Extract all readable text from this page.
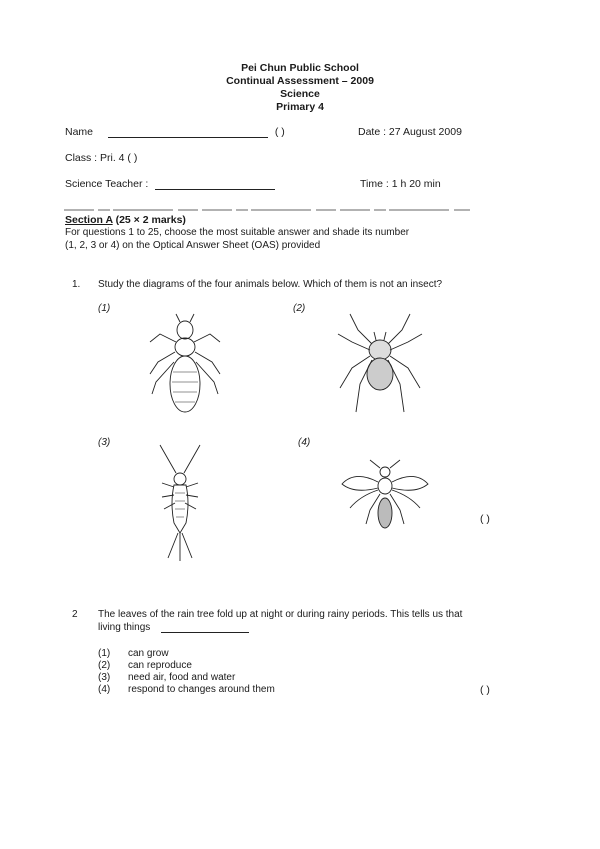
Pei Chun Public School
Continual Assessment – 2009
Science
Primary 4
Name	( )	Date : 27 August 2009
Class : Pri. 4 ( )
Science Teacher :	Time : 1 h 20 min
Section A (25 × 2 marks)
For questions 1 to 25, choose the most suitable answer and shade its number
(1, 2, 3 or 4) on the Optical Answer Sheet (OAS) provided
1. Study the diagrams of the four animals below. Which of them is not an insect?
(1)	(2)
(3)	(4)
( )
2 The leaves of the rain tree fold up at night or during rainy periods. This tells us that
living things
(1) can grow
(2) can reproduce
(3) need air, food and water
(4) respond to changes around them	( )
